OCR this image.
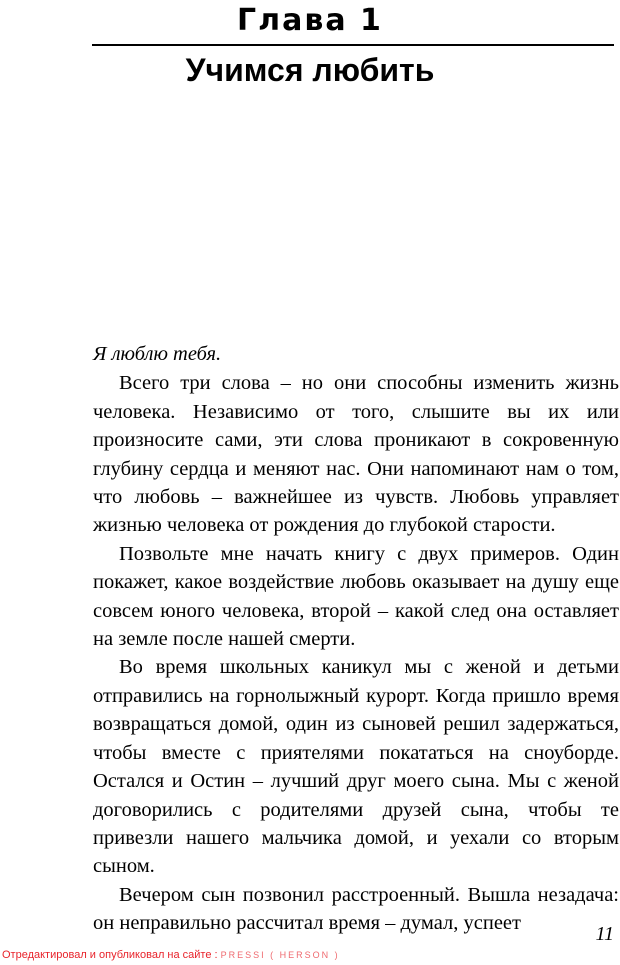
Глава 1
Учимся любить

Я люблю тебя.

Всего три слова – но они способны изменить жизнь человека. Независимо от того, слышите вы их или произносите сами, эти слова проникают в сокровенную глубину сердца и меняют нас. Они напоминают нам о том, что любовь – важнейшее из чувств. Любовь управляет жизнью человека от рождения до глубокой старости.

Позвольте мне начать книгу с двух примеров. Один покажет, какое воздействие любовь оказывает на душу еще совсем юного человека, второй – какой след она оставляет на земле после нашей смерти.

Во время школьных каникул мы с женой и детьми отправились на горнолыжный курорт. Когда пришло время возвращаться домой, один из сыновей решил задержаться, чтобы вместе с приятелями покататься на сноуборде. Остался и Остин – лучший друг моего сына. Мы с женой договорились с родителями друзей сына, чтобы те привезли нашего мальчика домой, и уехали со вторым сыном.

Вечером сын позвонил расстроенный. Вышла незадача: он неправильно рассчитал время – думал, успеет	11
Отредактировал и опубликовал на сайте : PRESSI ( HERSON )
